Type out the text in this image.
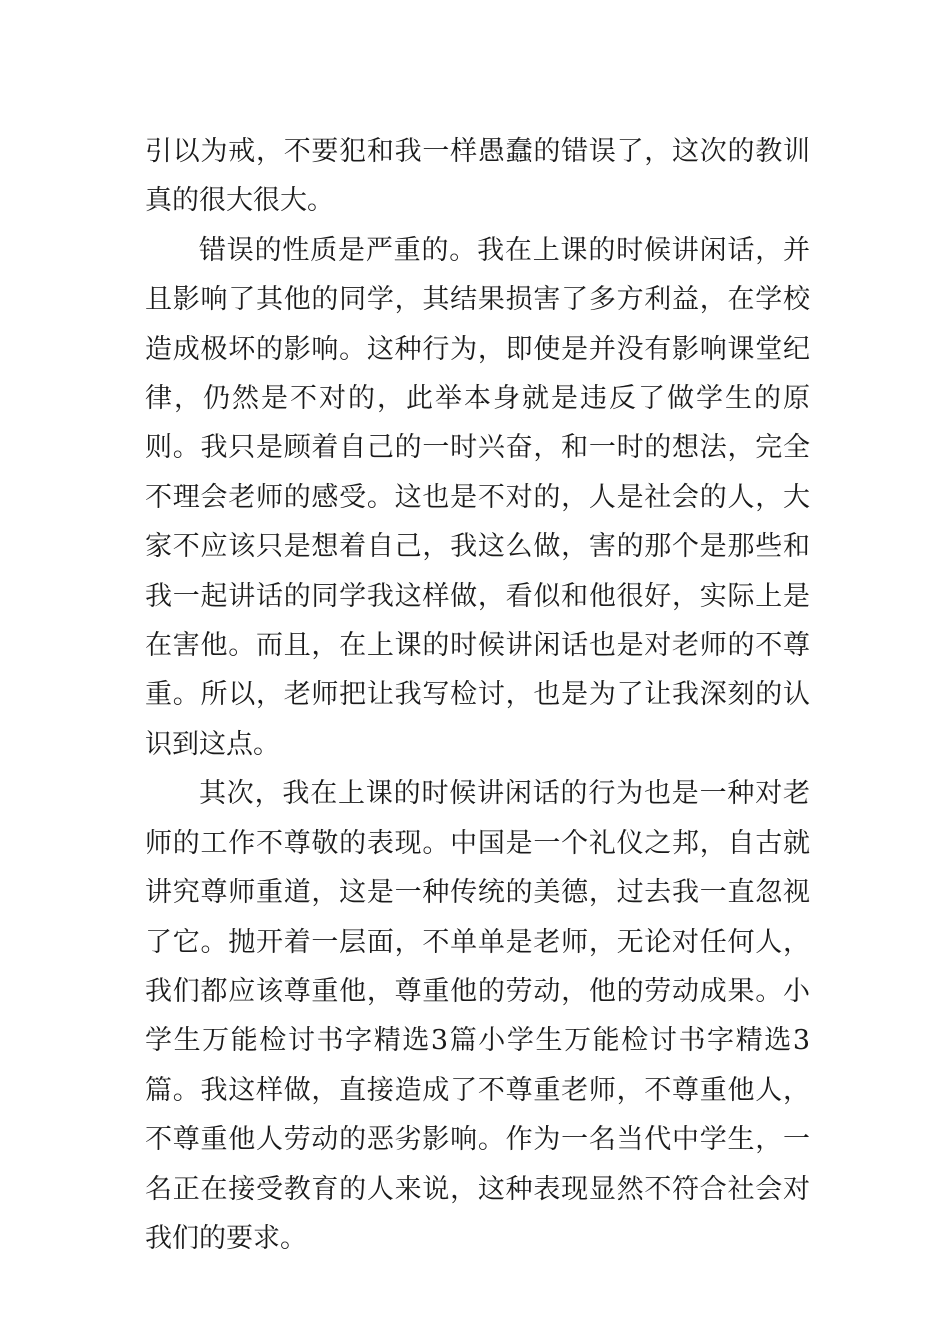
引以为戒，不要犯和我一样愚蠢的错误了，这次的教训真的很大很大。

错误的性质是严重的。我在上课的时候讲闲话，并且影响了其他的同学，其结果损害了多方利益，在学校造成极坏的影响。这种行为，即使是并没有影响课堂纪律，仍然是不对的，此举本身就是违反了做学生的原则。我只是顾着自己的一时兴奋，和一时的想法，完全不理会老师的感受。这也是不对的，人是社会的人，大家不应该只是想着自己，我这么做，害的那个是那些和我一起讲话的同学我这样做，看似和他很好，实际上是在害他。而且，在上课的时候讲闲话也是对老师的不尊重。所以，老师把让我写检讨，也是为了让我深刻的认识到这点。

其次，我在上课的时候讲闲话的行为也是一种对老师的工作不尊敬的表现。中国是一个礼仪之邦，自古就讲究尊师重道，这是一种传统的美德，过去我一直忽视了它。抛开着一层面，不单单是老师，无论对任何人，我们都应该尊重他，尊重他的劳动，他的劳动成果。小学生万能检讨书字精选3篇小学生万能检讨书字精选3篇。我这样做，直接造成了不尊重老师，不尊重他人，不尊重他人劳动的恶劣影响。作为一名当代中学生，一名正在接受教育的人来说，这种表现显然不符合社会对我们的要求。
